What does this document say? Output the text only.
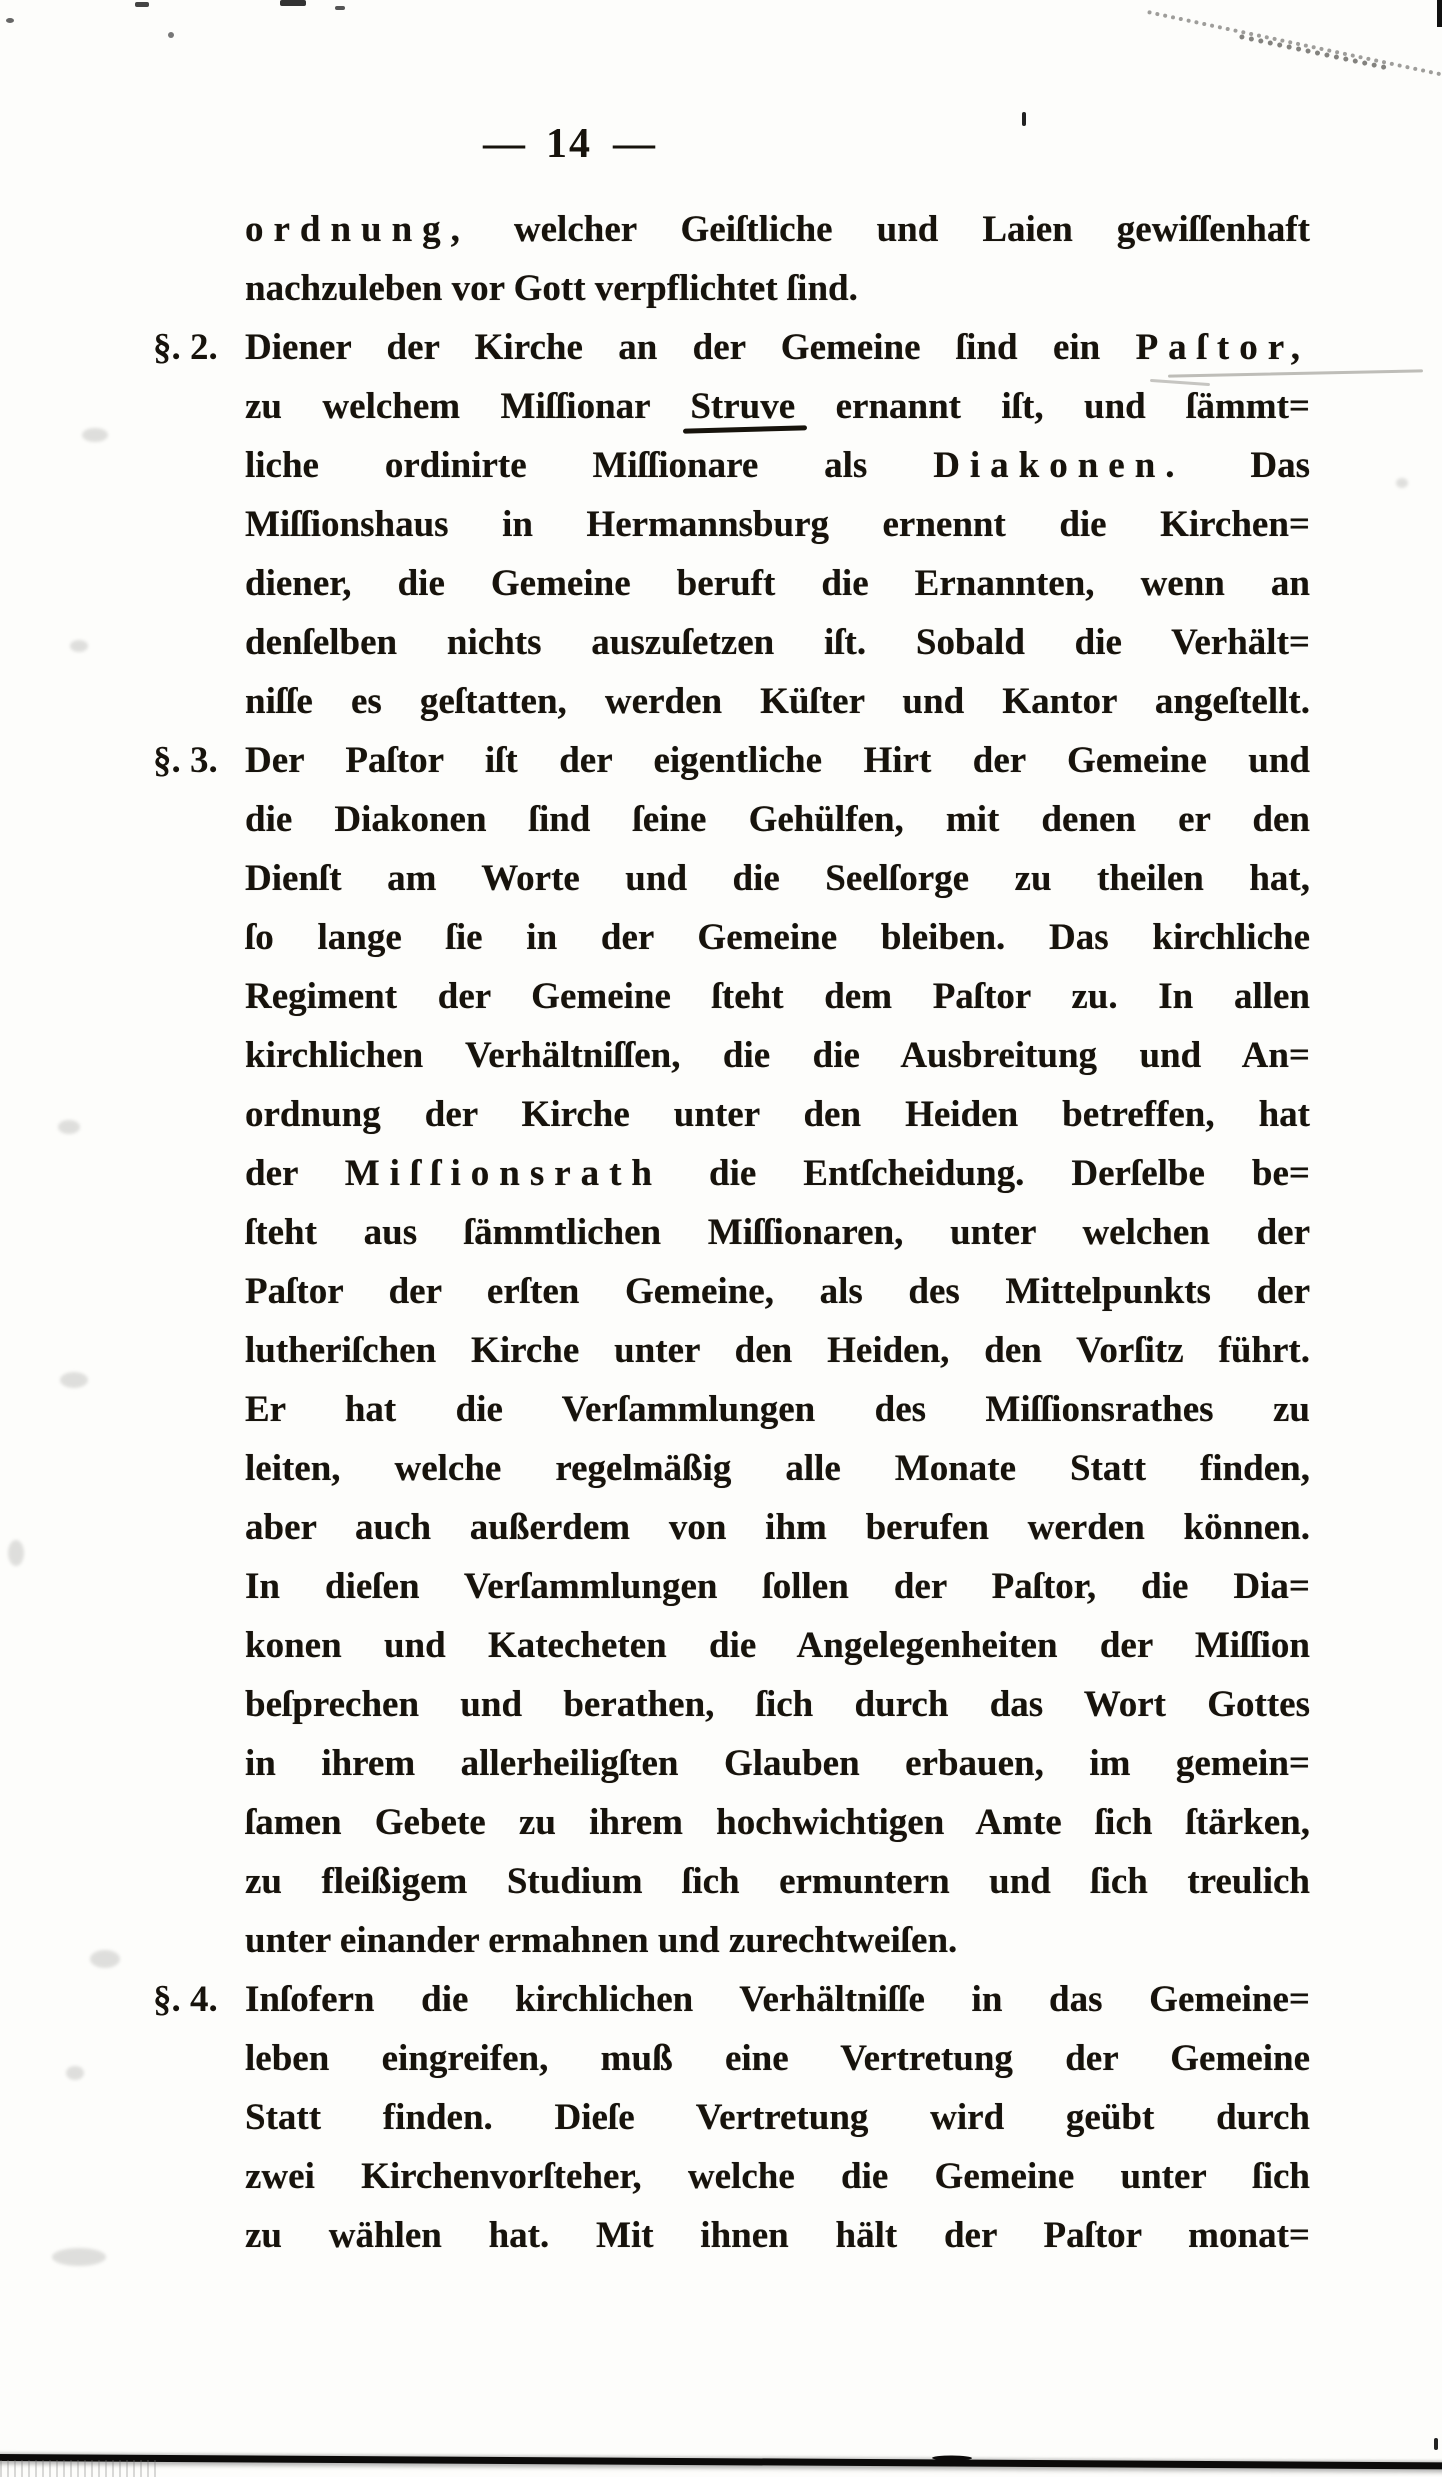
— 14 —
ordnung, welcher Geiſtliche und Laien gewiſſenhaft
nachzuleben vor Gott verpflichtet ſind.
§. 2. Diener der Kirche an der Gemeine ſind ein Paſtor,
zu welchem Miſſionar Struve ernannt iſt, und ſämmt=
liche ordinirte Miſſionare als Diakonen. Das
Miſſionshaus in Hermannsburg ernennt die Kirchen=
diener, die Gemeine beruft die Ernannten, wenn an
denſelben nichts auszuſetzen iſt. Sobald die Verhält=
niſſe es geſtatten, werden Küſter und Kantor angeſtellt.
§. 3. Der Paſtor iſt der eigentliche Hirt der Gemeine und
die Diakonen ſind ſeine Gehülfen, mit denen er den
Dienſt am Worte und die Seelſorge zu theilen hat,
ſo lange ſie in der Gemeine bleiben. Das kirchliche
Regiment der Gemeine ſteht dem Paſtor zu. In allen
kirchlichen Verhältniſſen, die die Ausbreitung und An=
ordnung der Kirche unter den Heiden betreffen, hat
der Miſſionsrath die Entſcheidung. Derſelbe be=
ſteht aus ſämmtlichen Miſſionaren, unter welchen der
Paſtor der erſten Gemeine, als des Mittelpunkts der
lutheriſchen Kirche unter den Heiden, den Vorſitz führt.
Er hat die Verſammlungen des Miſſionsrathes zu
leiten, welche regelmäßig alle Monate Statt finden,
aber auch außerdem von ihm berufen werden können.
In dieſen Verſammlungen ſollen der Paſtor, die Dia=
konen und Katecheten die Angelegenheiten der Miſſion
beſprechen und berathen, ſich durch das Wort Gottes
in ihrem allerheiligſten Glauben erbauen, im gemein=
ſamen Gebete zu ihrem hochwichtigen Amte ſich ſtärken,
zu fleißigem Studium ſich ermuntern und ſich treulich
unter einander ermahnen und zurechtweiſen.
§. 4. Inſofern die kirchlichen Verhältniſſe in das Gemeine=
leben eingreifen, muß eine Vertretung der Gemeine
Statt finden. Dieſe Vertretung wird geübt durch
zwei Kirchenvorſteher, welche die Gemeine unter ſich
zu wählen hat. Mit ihnen hält der Paſtor monat=
